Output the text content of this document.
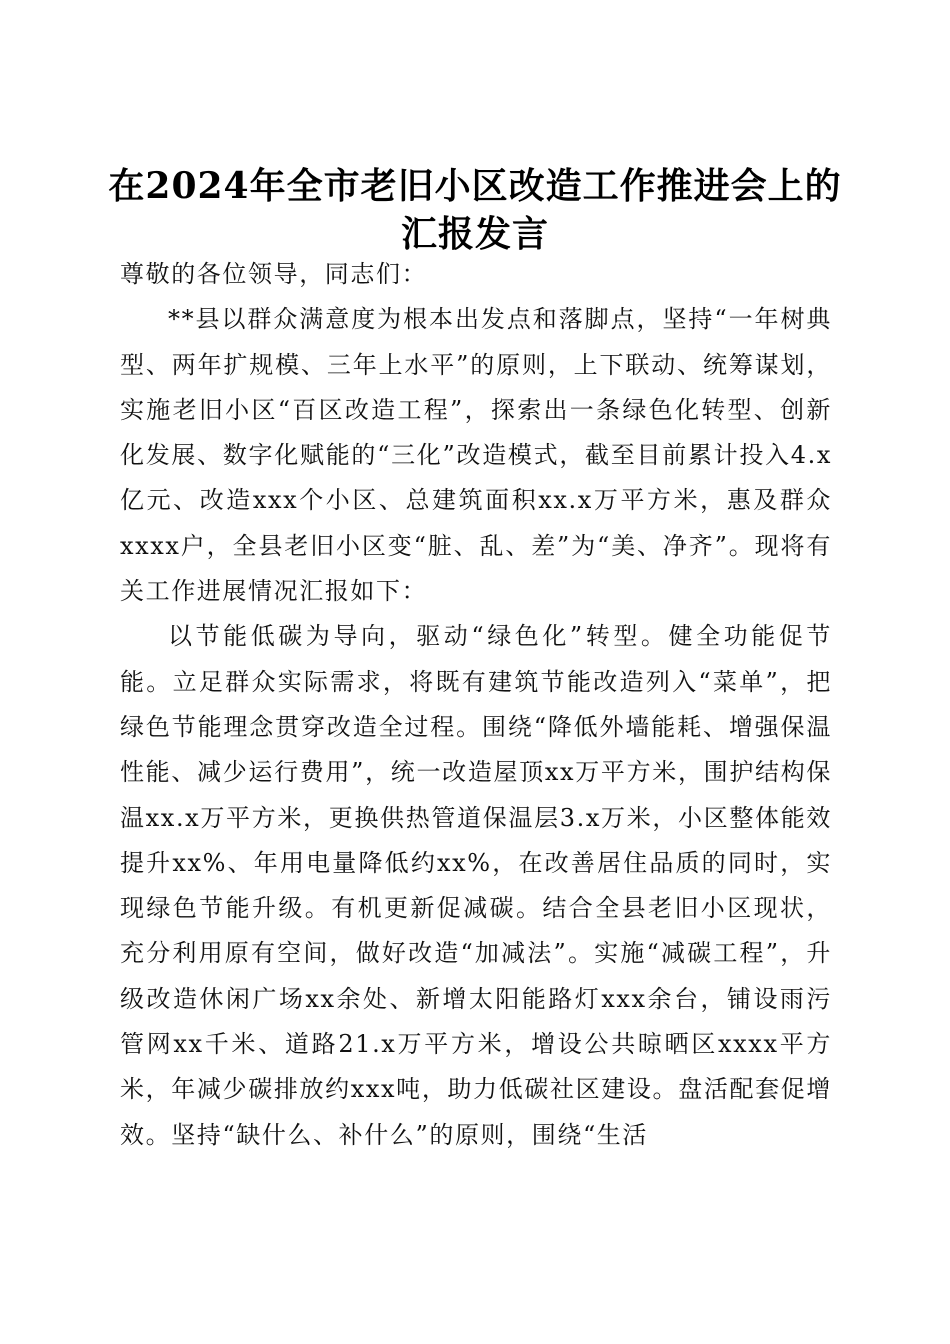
在2024年全市老旧小区改造工作推进会上的
汇报发言

尊敬的各位领导，同志们：

**县以群众满意度为根本出发点和落脚点，坚持“一年树典型、两年扩规模、三年上水平”的原则，上下联动、统筹谋划，实施老旧小区“百区改造工程”，探索出一条绿色化转型、创新化发展、数字化赋能的“三化”改造模式，截至目前累计投入4.x亿元、改造xxx个小区、总建筑面积xx.x万平方米，惠及群众xxxx户，全县老旧小区变“脏、乱、差”为“美、净齐”。现将有关工作进展情况汇报如下：

以节能低碳为导向，驱动“绿色化”转型。健全功能促节能。立足群众实际需求，将既有建筑节能改造列入“菜单”，把绿色节能理念贯穿改造全过程。围绕“降低外墙能耗、增强保温性能、减少运行费用”，统一改造屋顶xx万平方米，围护结构保温xx.x万平方米，更换供热管道保温层3.x万米，小区整体能效提升xx%、年用电量降低约xx%，在改善居住品质的同时，实现绿色节能升级。有机更新促减碳。结合全县老旧小区现状，充分利用原有空间，做好改造“加减法”。实施“减碳工程”，升级改造休闲广场xx余处、新增太阳能路灯xxx余台，铺设雨污管网xx千米、道路21.x万平方米，增设公共晾晒区xxxx平方米，年减少碳排放约xxx吨，助力低碳社区建设。盘活配套促增效。坚持“缺什么、补什么”的原则，围绕“生活
